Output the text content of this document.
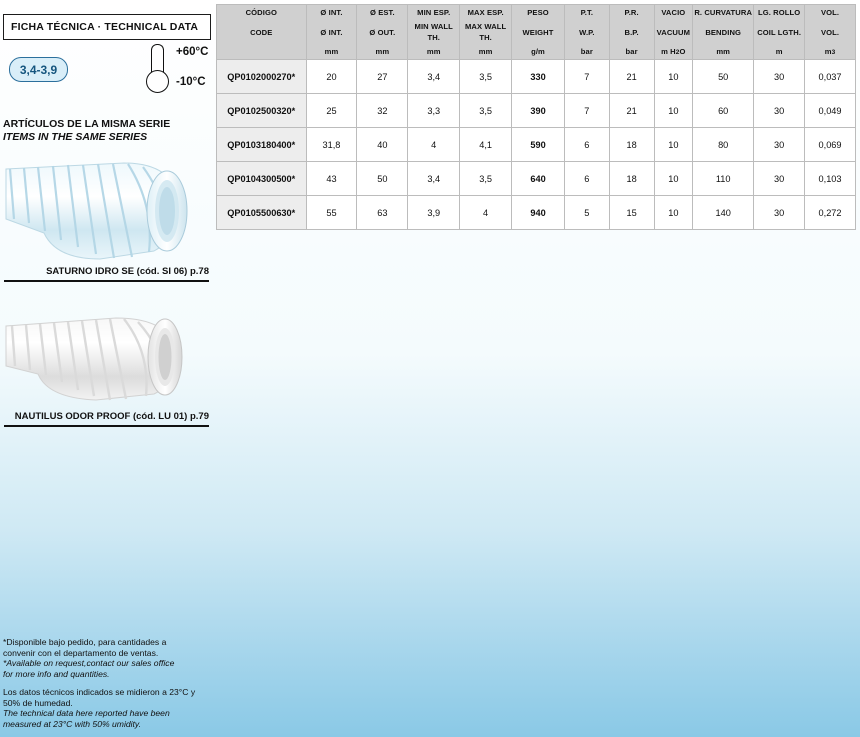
FICHA TÉCNICA · TECHNICAL DATA
3,4-3,9
+60°C
-10°C
ARTÍCULOS DE LA MISMA SERIE
ITEMS IN THE SAME SERIES
SATURNO IDRO SE (cód. SI 06) p.78
NAUTILUS ODOR PROOF (cód. LU 01) p.79
*Disponible bajo pedido, para cantidades a
convenir con el departamento de ventas.
*Available on request,contact our sales office
for more info and quantities.
Los datos técnicos indicados se midieron a 23°C y
50% de humedad.
The technical data here reported have been
measured at 23°C with 50% umidity.
CÓDIGO	Ø INT.	Ø EST.	MIN ESP.	MAX ESP.	PESO	P.T.	P.R.	VACIO	R. CURVATURA	LG. ROLLO	VOL.
CODE	Ø INT.	Ø OUT.	MIN WALL TH.	MAX WALL TH.	WEIGHT	W.P.	B.P.	VACUUM	BENDING	COIL LGTH.	VOL.
	mm	mm	mm	mm	g/m	bar	bar	m H2O	mm	m	m3
QP0102000270*	20	27	3,4	3,5	330	7	21	10	50	30	0,037
QP0102500320*	25	32	3,3	3,5	390	7	21	10	60	30	0,049
QP0103180400*	31,8	40	4	4,1	590	6	18	10	80	30	0,069
QP0104300500*	43	50	3,4	3,5	640	6	18	10	110	30	0,103
QP0105500630*	55	63	3,9	4	940	5	15	10	140	30	0,272
